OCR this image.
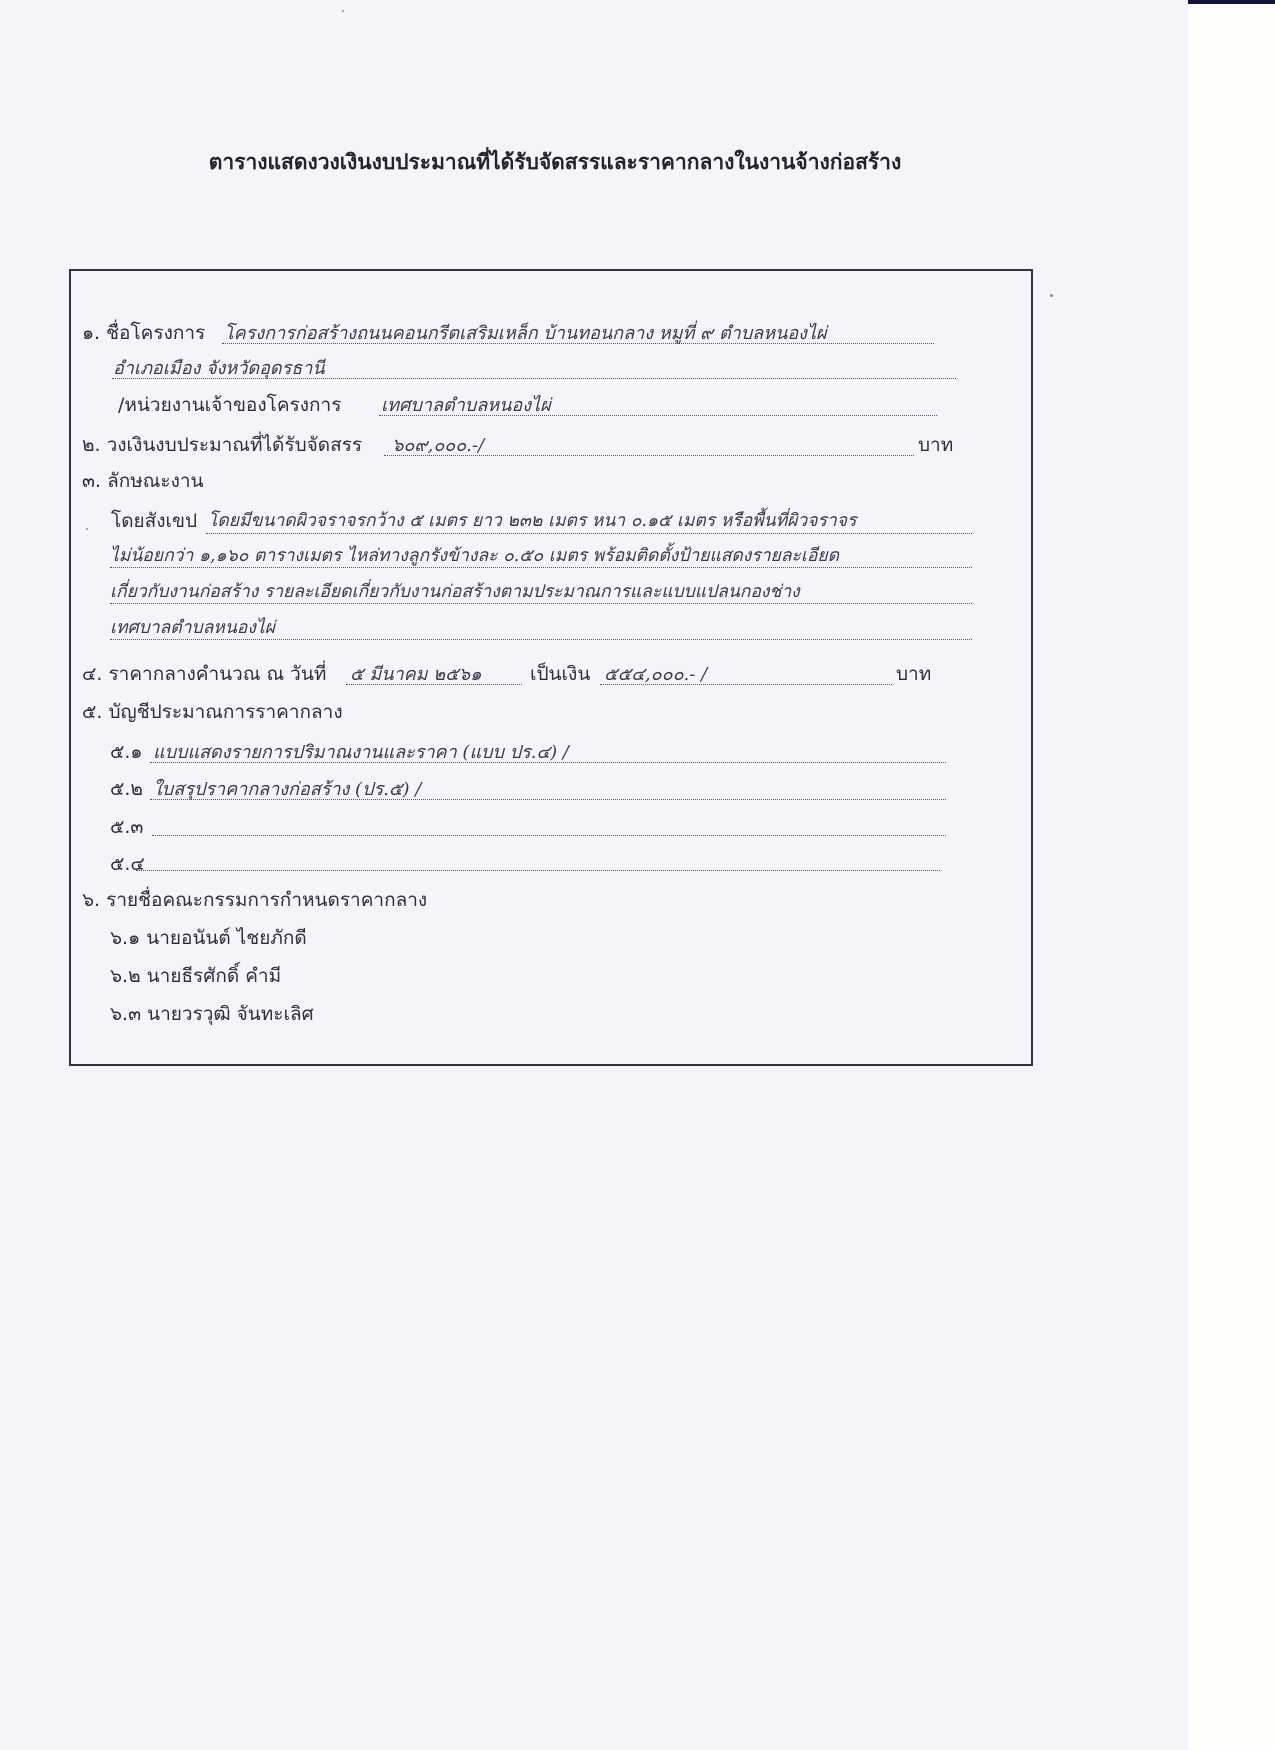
ตารางแสดงวงเงินงบประมาณที่ได้รับจัดสรรและราคากลางในงานจ้างก่อสร้าง
๑. ชื่อโครงการ โครงการก่อสร้างถนนคอนกรีตเสริมเหล็ก บ้านทอนกลาง หมูที่ ๙ ตำบลหนองไผ่
อำเภอเมือง จังหวัดอุดรธานี
/หน่วยงานเจ้าของโครงการ เทศบาลตำบลหนองไผ่
๒. วงเงินงบประมาณที่ได้รับจัดสรร ๖๐๙,๐๐๐.-/	บาท
๓. ลักษณะงาน
โดยสังเขป โดยมีขนาดผิวจราจรกว้าง ๕ เมตร ยาว ๒๓๒ เมตร หนา ๐.๑๕ เมตร หรือพื้นที่ผิวจราจร
ไม่น้อยกว่า ๑,๑๖๐ ตารางเมตร ไหล่ทางลูกรังข้างละ ๐.๕๐ เมตร พร้อมติดตั้งป้ายแสดงรายละเอียด
เกี่ยวกับงานก่อสร้าง รายละเอียดเกี่ยวกับงานก่อสร้างตามประมาณการและแบบแปลนกองช่าง
เทศบาลตำบลหนองไผ่
๔. ราคากลางคำนวณ ณ วันที่ ๕ มีนาคม ๒๕๖๑	เป็นเงิน ๕๕๔,๐๐๐.- /	บาท
๕. บัญชีประมาณการราคากลาง
๕.๑ แบบแสดงรายการปริมาณงานและราคา (แบบ ปร.๔) /
๕.๒ ใบสรุปราคากลางก่อสร้าง (ปร.๕) /
๕.๓
๕.๔
๖. รายชื่อคณะกรรมการกำหนดราคากลาง
๖.๑ นายอนันต์ ไชยภักดี
๖.๒ นายธีรศักดิ์ คำมี
๖.๓ นายวรวุฒิ จันทะเลิศ
